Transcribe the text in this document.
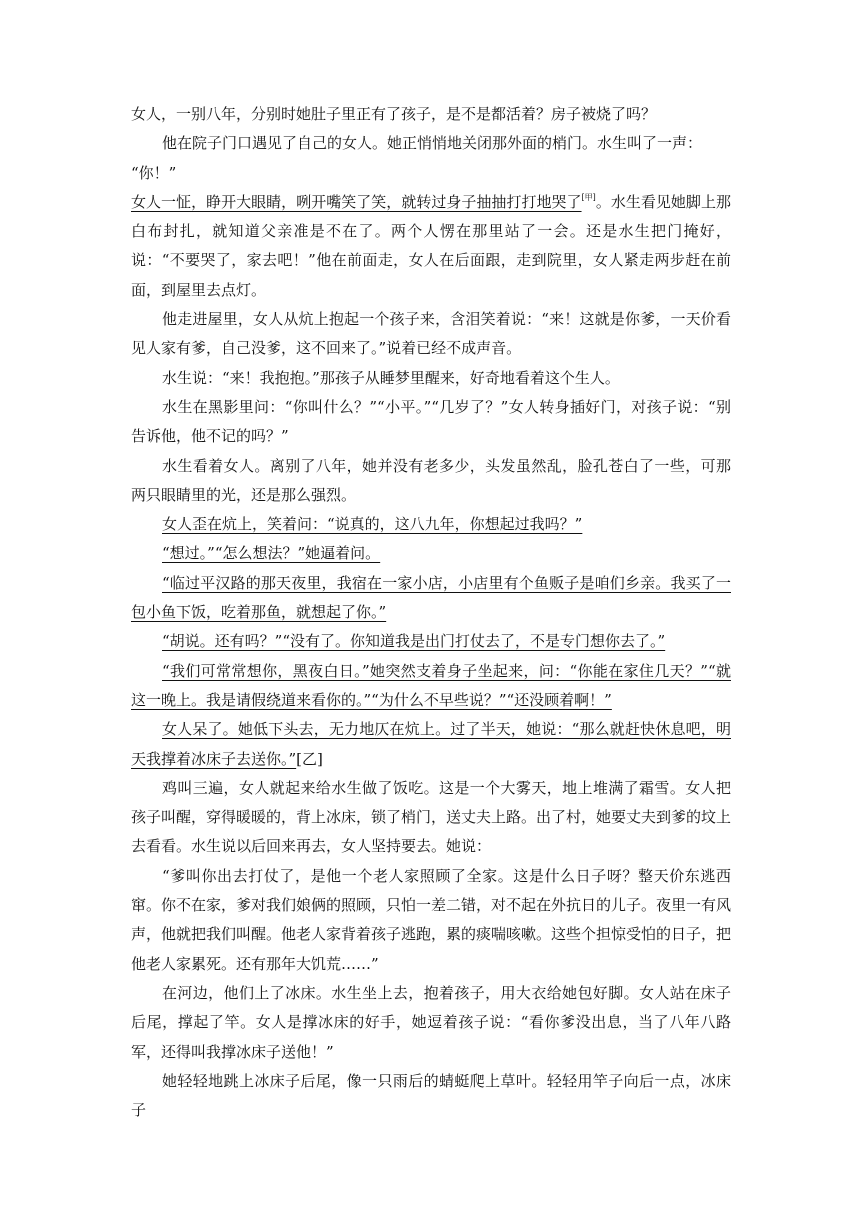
女人，一别八年，分别时她肚子里正有了孩子，是不是都活着？房子被烧了吗？

他在院子门口遇见了自己的女人。她正悄悄地关闭那外面的梢门。水生叫了一声：

“你！”

女人一怔，睁开大眼睛，咧开嘴笑了笑，就转过身子抽抽打打地哭了[甲]。水生看见她脚上那白布封扎，就知道父亲准是不在了。两个人愣在那里站了一会。还是水生把门掩好，说：“不要哭了，家去吧！”他在前面走，女人在后面跟，走到院里，女人紧走两步赶在前面，到屋里去点灯。

他走进屋里，女人从炕上抱起一个孩子来，含泪笑着说：“来！这就是你爹，一天价看见人家有爹，自己没爹，这不回来了。”说着已经不成声音。

水生说：“来！我抱抱。”那孩子从睡梦里醒来，好奇地看着这个生人。

水生在黑影里问：“你叫什么？”“小平。”“几岁了？”女人转身插好门，对孩子说：“别告诉他，他不记的吗？”

水生看着女人。离别了八年，她并没有老多少，头发虽然乱，脸孔苍白了一些，可那两只眼睛里的光，还是那么强烈。

女人歪在炕上，笑着问：“说真的，这八九年，你想起过我吗？”

“想过。”“怎么想法？”她逼着问。

“临过平汉路的那天夜里，我宿在一家小店，小店里有个鱼贩子是咱们乡亲。我买了一包小鱼下饭，吃着那鱼，就想起了你。”

“胡说。还有吗？”“没有了。你知道我是出门打仗去了，不是专门想你去了。”

“我们可常常想你，黑夜白日。”她突然支着身子坐起来，问：“你能在家住几天？”“就这一晚上。我是请假绕道来看你的。”“为什么不早些说？”“还没顾着啊！”

女人呆了。她低下头去，无力地仄在炕上。过了半天，她说：“那么就赶快休息吧，明天我撑着冰床子去送你。”[乙]

鸡叫三遍，女人就起来给水生做了饭吃。这是一个大雾天，地上堆满了霜雪。女人把孩子叫醒，穿得暖暖的，背上冰床，锁了梢门，送丈夫上路。出了村，她要丈夫到爹的坟上去看看。水生说以后回来再去，女人坚持要去。她说：

“爹叫你出去打仗了，是他一个老人家照顾了全家。这是什么日子呀？整天价东逃西窜。你不在家，爹对我们娘俩的照顾，只怕一差二错，对不起在外抗日的儿子。夜里一有风声，他就把我们叫醒。他老人家背着孩子逃跑，累的痰喘咳嗽。这些个担惊受怕的日子，把他老人家累死。还有那年大饥荒……”

在河边，他们上了冰床。水生坐上去，抱着孩子，用大衣给她包好脚。女人站在床子后尾，撑起了竿。女人是撑冰床的好手，她逗着孩子说：“看你爹没出息，当了八年八路军，还得叫我撑冰床子送他！”

她轻轻地跳上冰床子后尾，像一只雨后的蜻蜓爬上草叶。轻轻用竿子向后一点，冰床子
